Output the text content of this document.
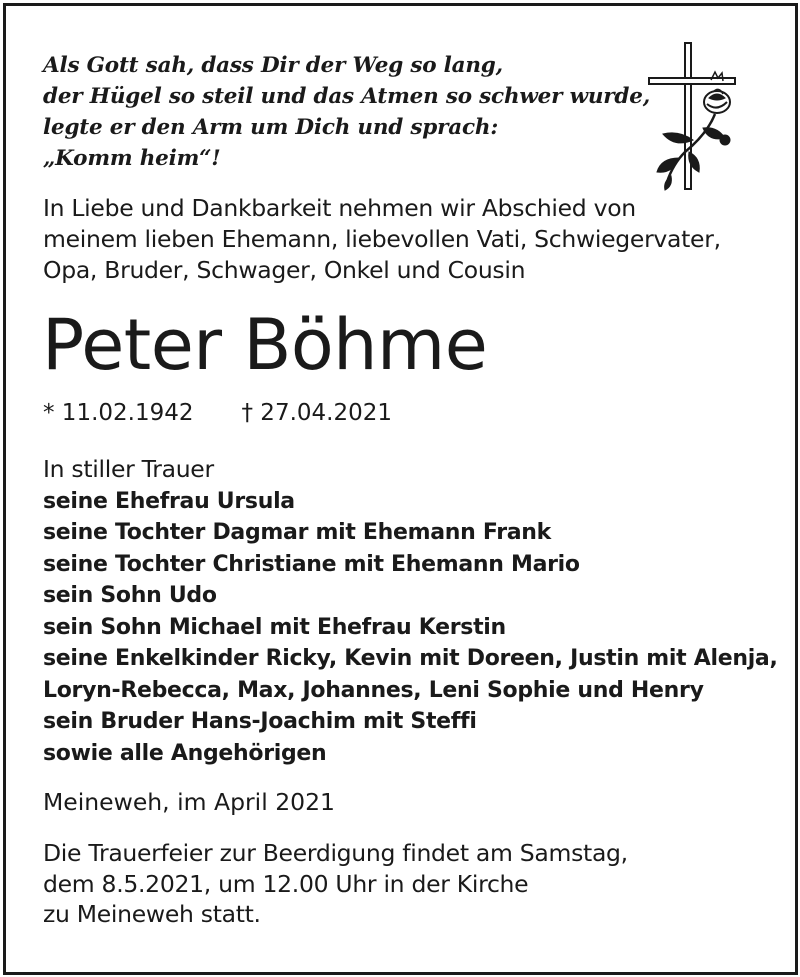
Als Gott sah, dass Dir der Weg so lang,
der Hügel so steil und das Atmen so schwer wurde,
legte er den Arm um Dich und sprach:
„Komm heim“!
In Liebe und Dankbarkeit nehmen wir Abschied von
meinem lieben Ehemann, liebevollen Vati, Schwiegervater,
Opa, Bruder, Schwager, Onkel und Cousin
Peter Böhme
* 11.02.1942 † 27.04.2021
In stiller Trauer
seine Ehefrau Ursula
seine Tochter Dagmar mit Ehemann Frank
seine Tochter Christiane mit Ehemann Mario
sein Sohn Udo
sein Sohn Michael mit Ehefrau Kerstin
seine Enkelkinder Ricky, Kevin mit Doreen, Justin mit Alenja,
Loryn-Rebecca, Max, Johannes, Leni Sophie und Henry
sein Bruder Hans-Joachim mit Steffi
sowie alle Angehörigen
Meineweh, im April 2021
Die Trauerfeier zur Beerdigung findet am Samstag,
dem 8.5.2021, um 12.00 Uhr in der Kirche
zu Meineweh statt.
